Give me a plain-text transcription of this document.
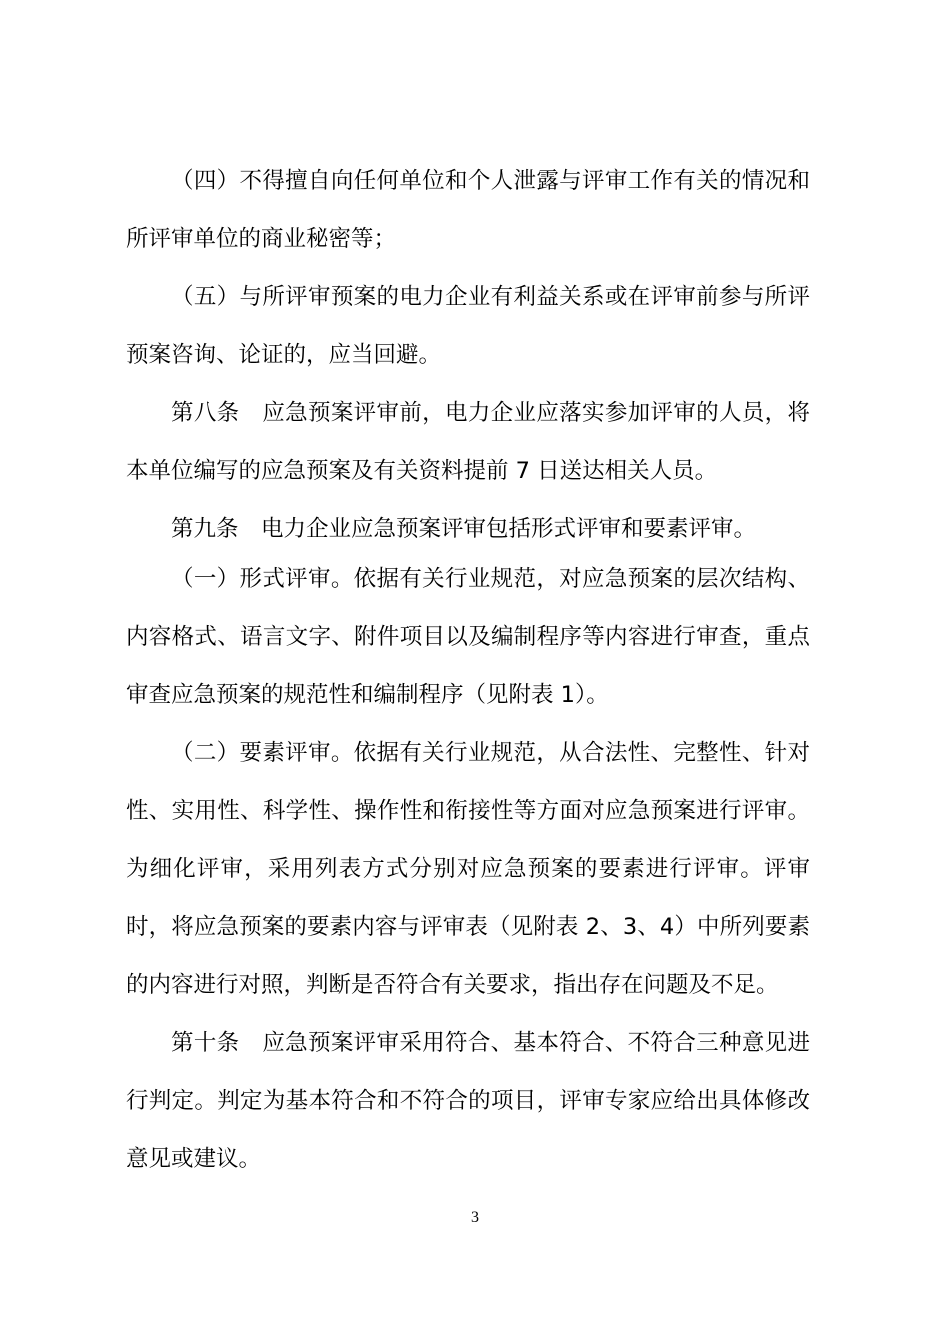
（四）不得擅自向任何单位和个人泄露与评审工作有关的情况和所评审单位的商业秘密等；

（五）与所评审预案的电力企业有利益关系或在评审前参与所评预案咨询、论证的，应当回避。

第八条　应急预案评审前，电力企业应落实参加评审的人员，将本单位编写的应急预案及有关资料提前 7 日送达相关人员。

第九条　电力企业应急预案评审包括形式评审和要素评审。

（一）形式评审。依据有关行业规范，对应急预案的层次结构、内容格式、语言文字、附件项目以及编制程序等内容进行审查，重点审查应急预案的规范性和编制程序（见附表 1）。

（二）要素评审。依据有关行业规范，从合法性、完整性、针对性、实用性、科学性、操作性和衔接性等方面对应急预案进行评审。为细化评审，采用列表方式分别对应急预案的要素进行评审。评审时，将应急预案的要素内容与评审表（见附表 2、3、4）中所列要素的内容进行对照，判断是否符合有关要求，指出存在问题及不足。

第十条　应急预案评审采用符合、基本符合、不符合三种意见进行判定。判定为基本符合和不符合的项目，评审专家应给出具体修改意见或建议。

3
